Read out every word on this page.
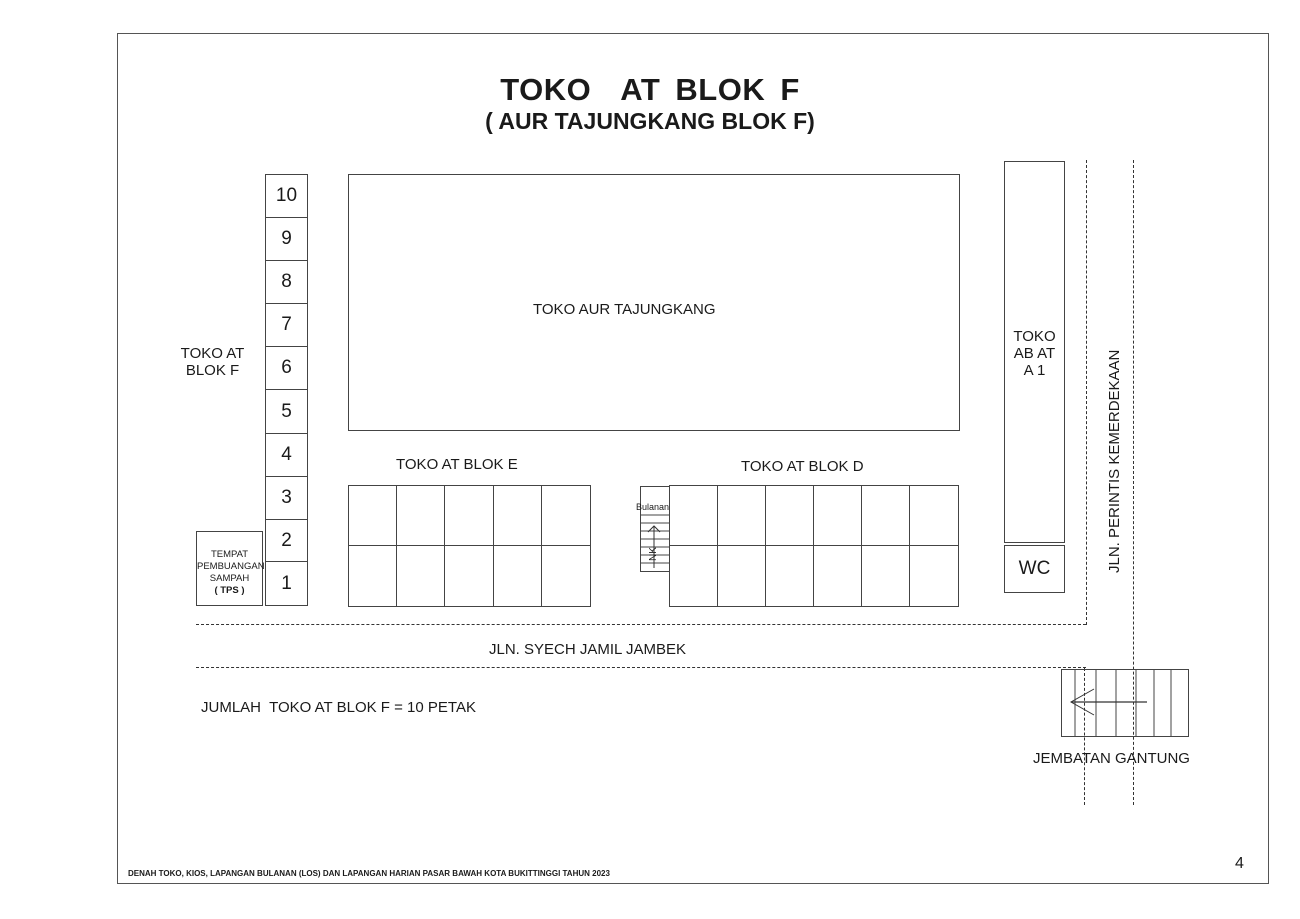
TOKO  AT BLOK F
( AUR TAJUNGKANG BLOK F)
10
9
8
7
6
5
4
3
2
1
TOKO AT
BLOK F
TEMPAT
PEMBUANGAN
SAMPAH
( TPS )
TOKO AUR TAJUNGKANG
TOKO AT BLOK E	TOKO AT BLOK D
Bulanan
NK
TOKO
AB AT
A 1
WC
JLN. SYECH JAMIL JAMBEK
JLN. PERINTIS KEMERDEKAAN
JUMLAH  TOKO AT BLOK F = 10 PETAK
JEMBATAN GANTUNG
DENAH TOKO, KIOS, LAPANGAN BULANAN (LOS) DAN LAPANGAN HARIAN PASAR BAWAH KOTA BUKITTINGGI TAHUN 2023
4
